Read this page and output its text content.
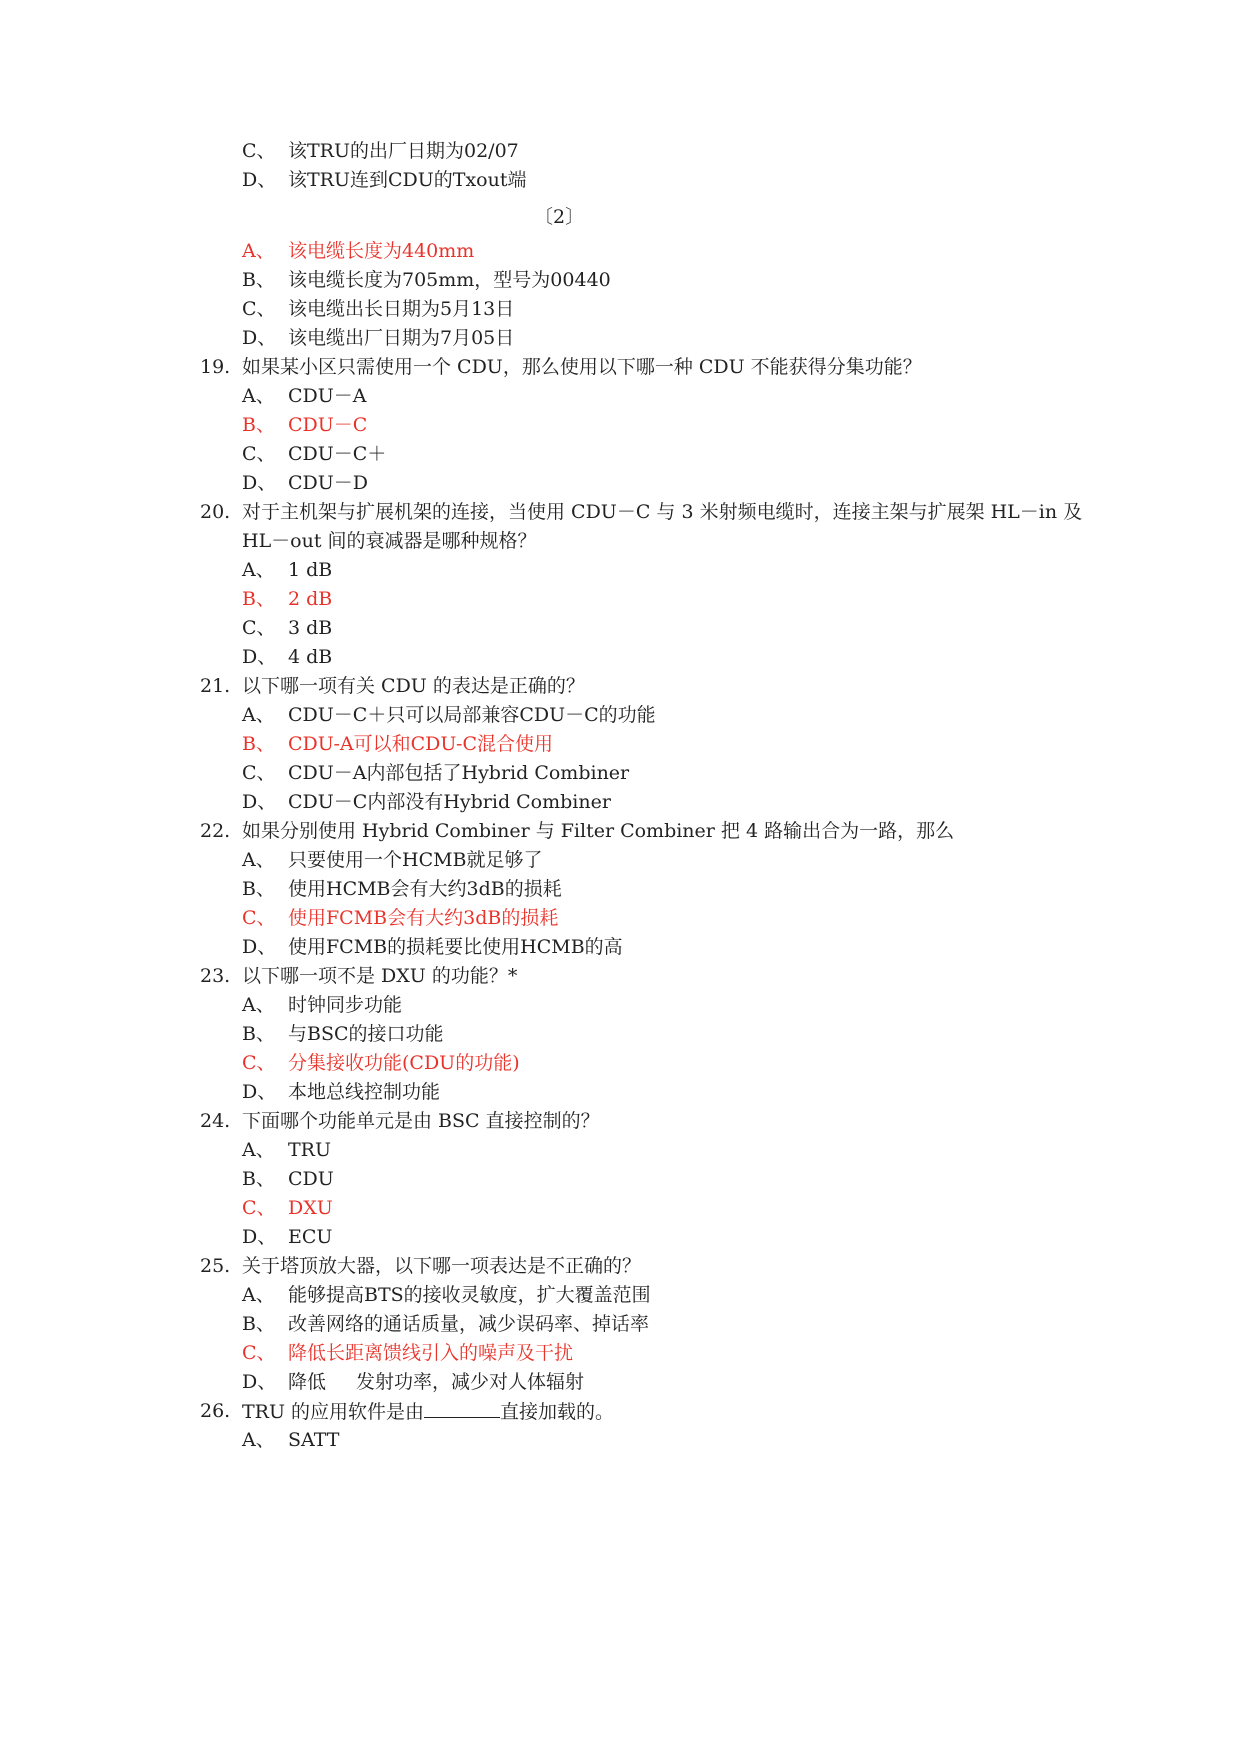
C、 该TRU的出厂日期为02/07
D、 该TRU连到CDU的Txout端
〔2〕
A、 该电缆长度为440mm
B、 该电缆长度为705mm，型号为00440
C、 该电缆出长日期为5月13日
D、 该电缆出厂日期为7月05日
19. 如果某小区只需使用一个 CDU，那么使用以下哪一种 CDU 不能获得分集功能？
A、 CDU－A
B、 CDU－C
C、 CDU－C＋
D、 CDU－D
20. 对于主机架与扩展机架的连接，当使用 CDU－C 与 3 米射频电缆时，连接主架与扩展架 HL－in 及
HL－out 间的衰减器是哪种规格？
A、 1 dB
B、 2 dB
C、 3 dB
D、 4 dB
21. 以下哪一项有关 CDU 的表达是正确的？
A、 CDU－C＋只可以局部兼容CDU－C的功能
B、 CDU-A可以和CDU-C混合使用
C、 CDU－A内部包括了Hybrid Combiner
D、 CDU－C内部没有Hybrid Combiner
22. 如果分别使用 Hybrid Combiner 与 Filter Combiner 把 4 路输出合为一路，那么
A、 只要使用一个HCMB就足够了
B、 使用HCMB会有大约3dB的损耗
C、 使用FCMB会有大约3dB的损耗
D、 使用FCMB的损耗要比使用HCMB的高
23. 以下哪一项不是 DXU 的功能？*
A、 时钟同步功能
B、 与BSC的接口功能
C、 分集接收功能(CDU的功能)
D、 本地总线控制功能
24. 下面哪个功能单元是由 BSC 直接控制的？
A、 TRU
B、 CDU
C、 DXU
D、 ECU
25. 关于塔顶放大器，以下哪一项表达是不正确的？
A、 能够提高BTS的接收灵敏度，扩大覆盖范围
B、 改善网络的通话质量，减少误码率、掉话率
C、 降低长距离馈线引入的噪声及干扰
D、 降低 发射功率，减少对人体辐射
26. TRU 的应用软件是由	直接加载的。
A、 SATT
